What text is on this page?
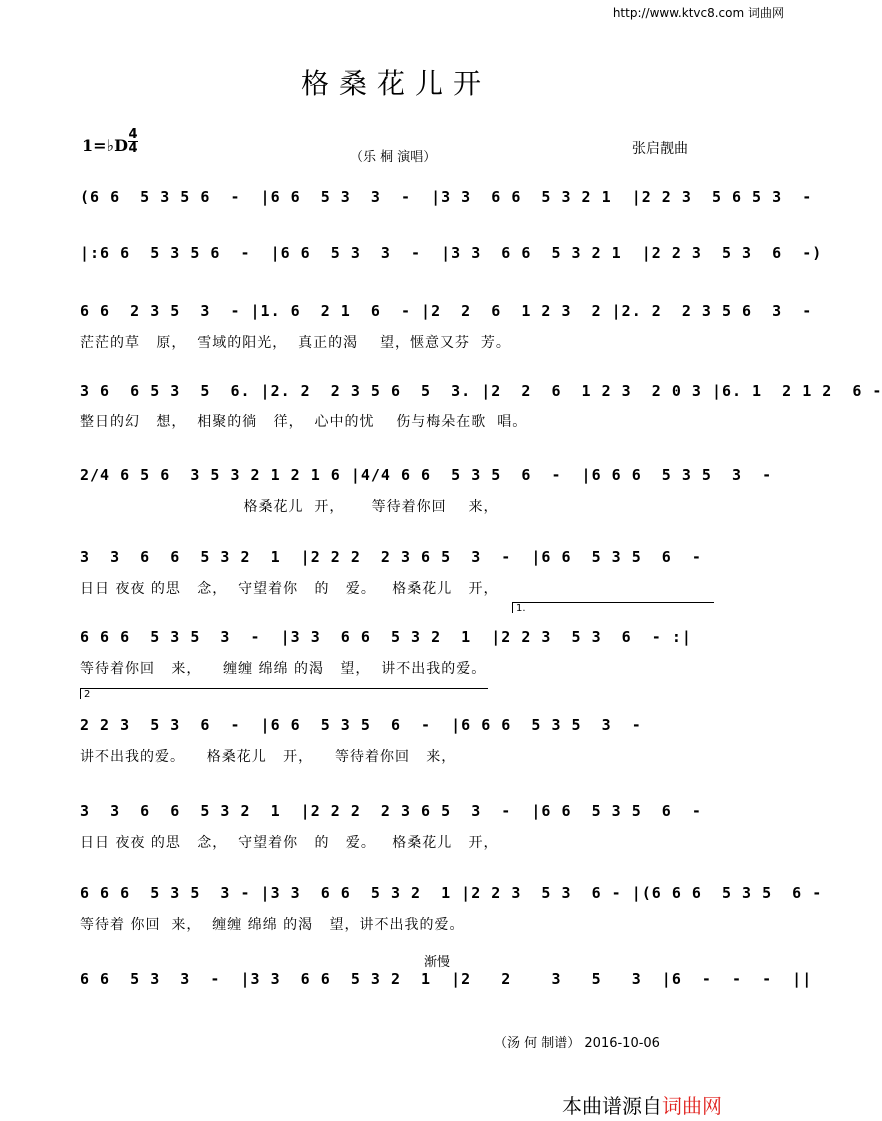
http://www.ktvc8.com 词曲网
格桑花儿开
1=♭D
4
4
（乐 桐 演唱）
张启靓曲
(6 6  5 3 5 6  -  |6 6  5 3  3  -  |3 3  6 6  5 3 2 1  |2 2 3  5 6 5 3  -
|:6 6  5 3 5 6  -  |6 6  5 3  3  -  |3 3  6 6  5 3 2 1  |2 2 3  5 3  6  -)
6 6  2 3 5  3  - |1. 6  2 1  6  - |2  2  6  1 2 3  2 |2. 2  2 3 5 6  3  -
茫茫的草   原，  雪域的阳光，  真正的渴    望，惬意又芬  芳。
3 6  6 5 3  5  6. |2. 2  2 3 5 6  5  3. |2  2  6  1 2 3  2 0 3 |6. 1  2 1 2  6 -
整日的幻   想，  相聚的徜   徉，  心中的忧    伤与梅朵在歌  唱。
2/4 6 5 6  3 5 3 2 1 2 1 6 |4/4 6 6  5 3 5  6  -  |6 6 6  5 3 5  3  -
格桑花儿  开，     等待着你回    来，
3  3  6  6  5 3 2  1  |2 2 2  2 3 6 5  3  -  |6 6  5 3 5  6  -
日日 夜夜 的思   念，  守望着你   的   爱。   格桑花儿   开，
1.
6 6 6  5 3 5  3  -  |3 3  6 6  5 3 2  1  |2 2 3  5 3  6  - :|
等待着你回   来，    缠缠 绵绵 的渴   望，  讲不出我的爱。
2
2 2 3  5 3  6  -  |6 6  5 3 5  6  -  |6 6 6  5 3 5  3  -
讲不出我的爱。    格桑花儿   开，    等待着你回   来，
3  3  6  6  5 3 2  1  |2 2 2  2 3 6 5  3  -  |6 6  5 3 5  6  -
日日 夜夜 的思   念，  守望着你   的   爱。   格桑花儿   开，
6 6 6  5 3 5  3 - |3 3  6 6  5 3 2  1 |2 2 3  5 3  6 - |(6 6 6  5 3 5  6 -
等待着 你回  来，  缠缠 绵绵 的渴   望，讲不出我的爱。
渐慢
6 6  5 3  3  -  |3 3  6 6  5 3 2  1  |2   2    3   5   3  |6  -  -  -  ||
（汤 何 制谱） 2016-10-06
本曲谱源自词曲网
